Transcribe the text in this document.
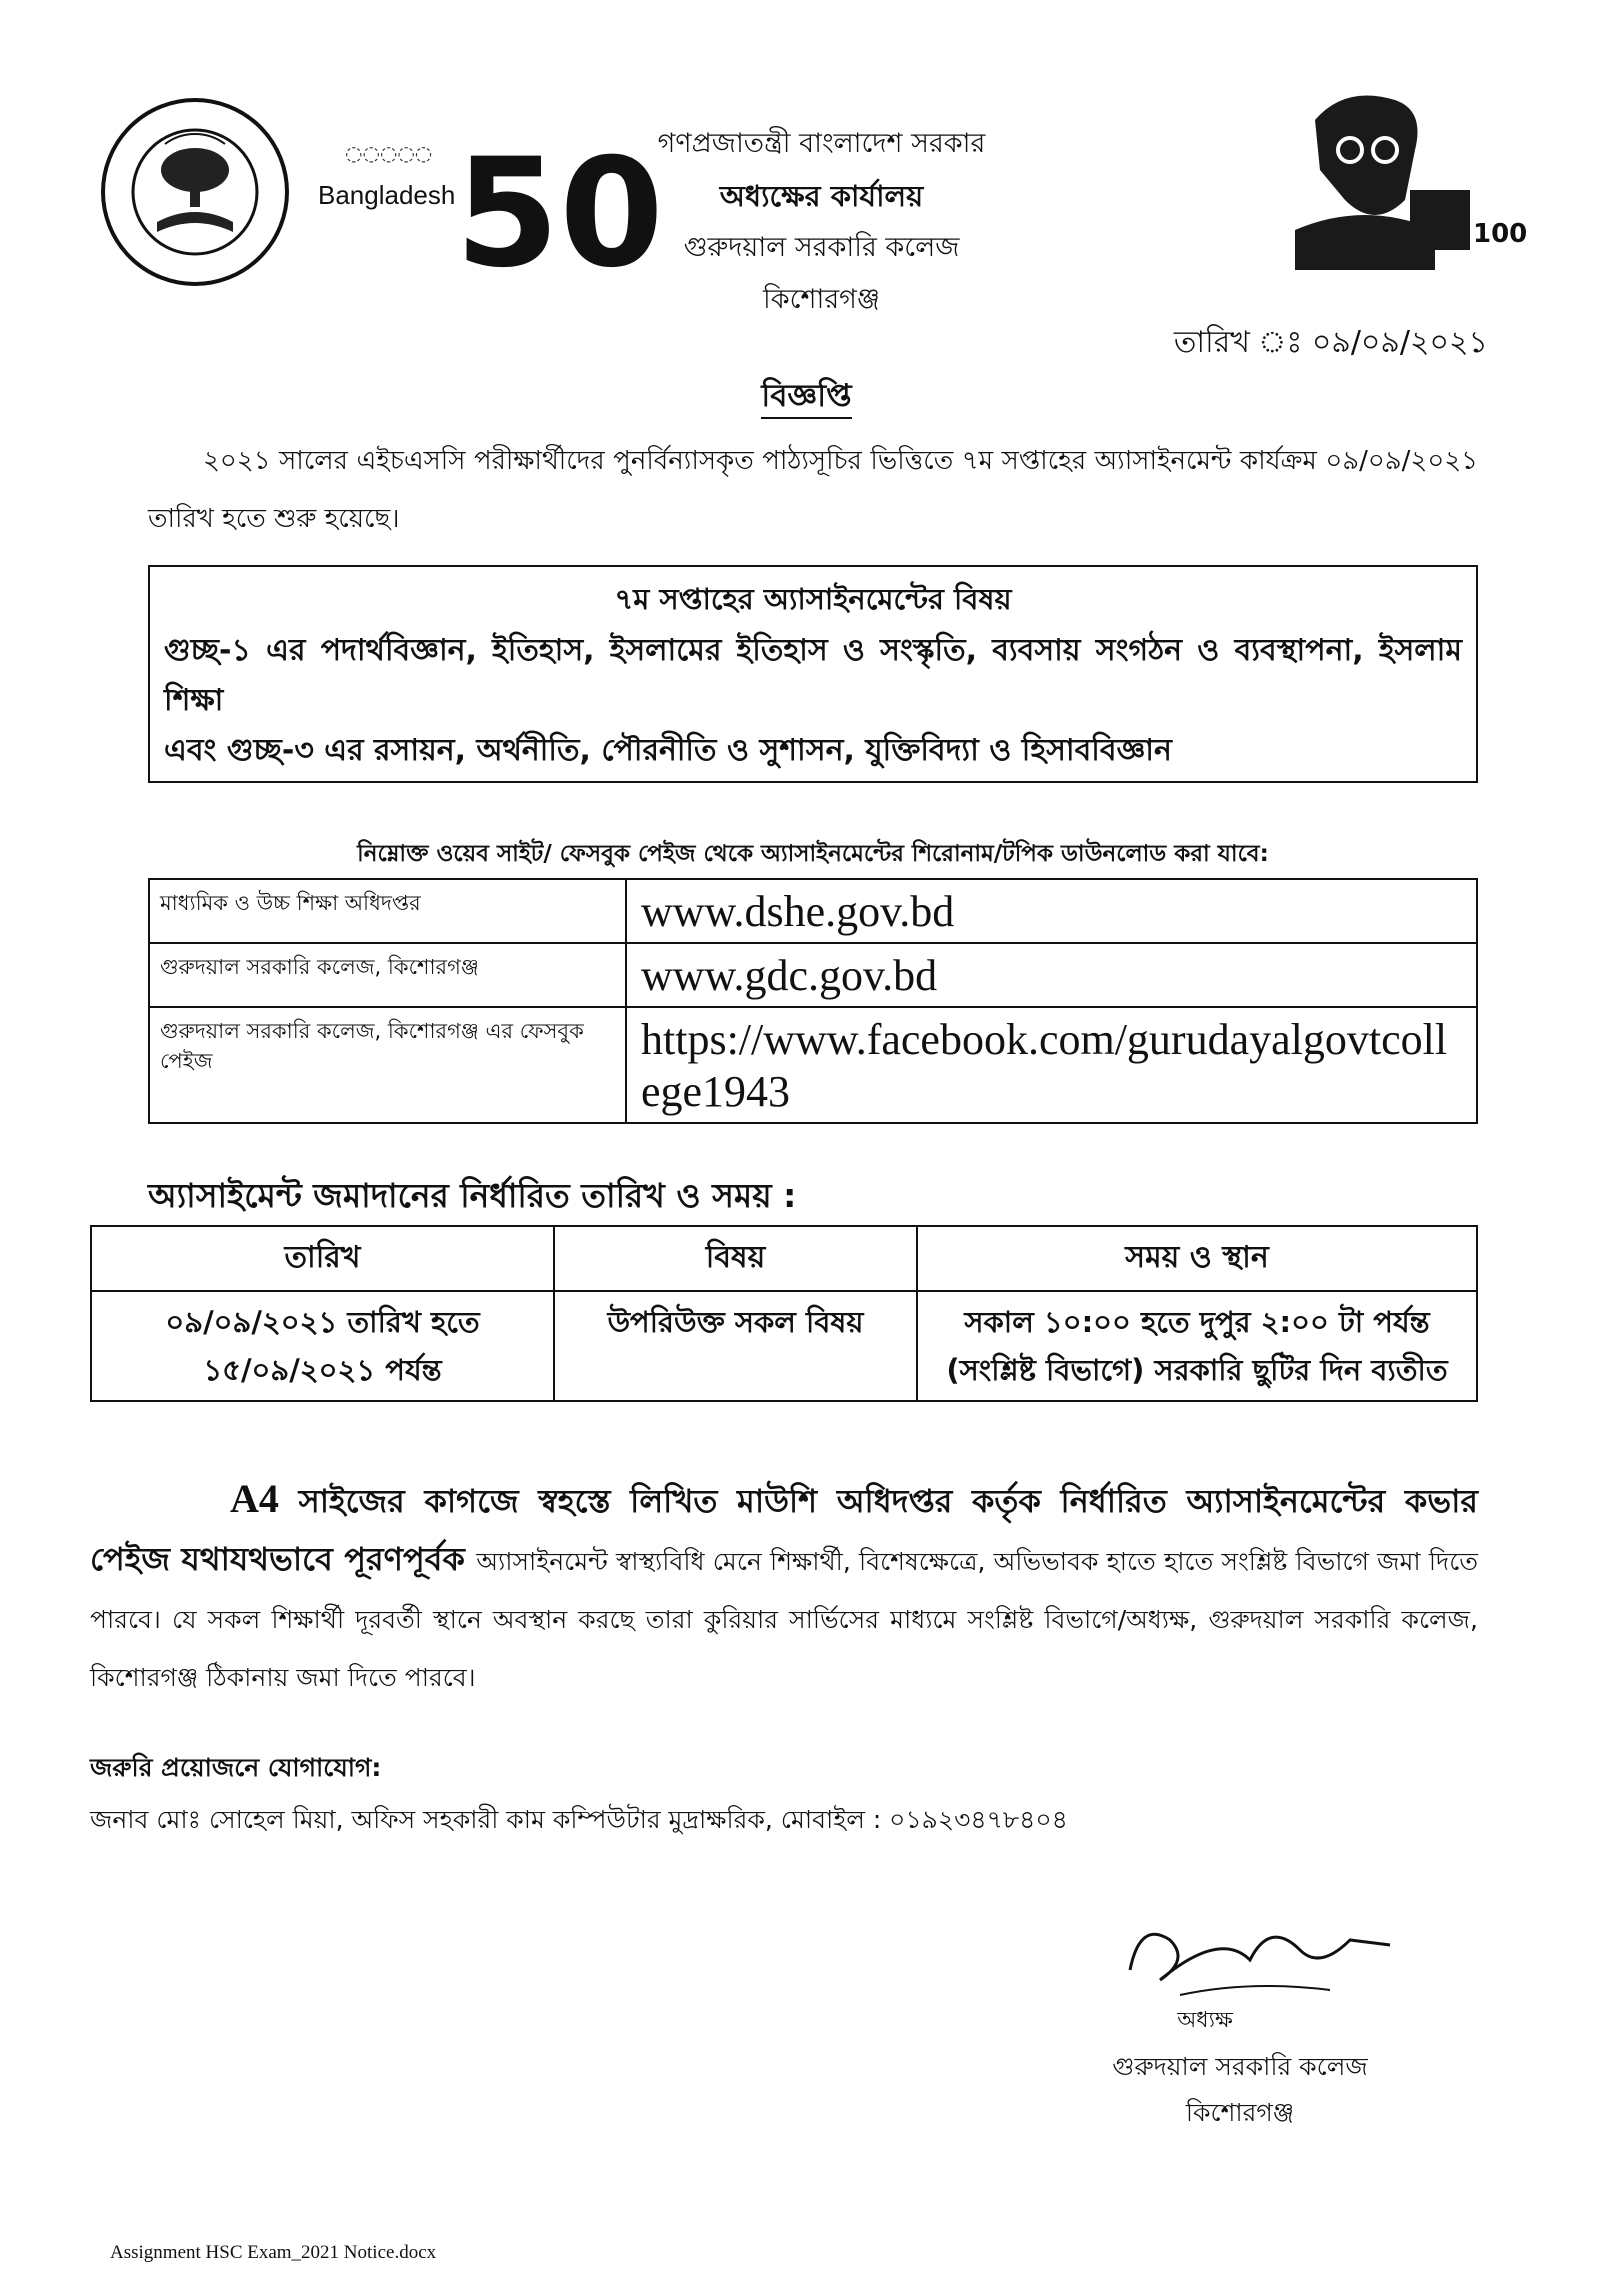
◌◌◌◌◌ 50
Bangladesh
100
গণপ্রজাতন্ত্রী বাংলাদেশ সরকার
অধ্যক্ষের কার্যালয়
গুরুদয়াল সরকারি কলেজ
কিশোরগঞ্জ
তারিখ ঃ ০৯/০৯/২০২১
বিজ্ঞপ্তি
২০২১ সালের এইচএসসি পরীক্ষার্থীদের পুনর্বিন্যাসকৃত পাঠ্যসূচির ভিত্তিতে ৭ম সপ্তাহের অ্যাসাইনমেন্ট কার্যক্রম ০৯/০৯/২০২১ তারিখ হতে শুরু হয়েছে।
৭ম সপ্তাহের অ্যাসাইনমেন্টের বিষয়
গুচ্ছ-১ এর পদার্থবিজ্ঞান, ইতিহাস, ইসলামের ইতিহাস ও সংস্কৃতি, ব্যবসায় সংগঠন ও ব্যবস্থাপনা, ইসলাম শিক্ষা
এবং গুচ্ছ-৩ এর রসায়ন, অর্থনীতি, পৌরনীতি ও সুশাসন, যুক্তিবিদ্যা ও হিসাববিজ্ঞান
নিম্নোক্ত ওয়েব সাইট/ ফেসবুক পেইজ থেকে অ্যাসাইনমেন্টের শিরোনাম/টপিক ডাউনলোড করা যাবে:
মাধ্যমিক ও উচ্চ শিক্ষা অধিদপ্তর	www.dshe.gov.bd
গুরুদয়াল সরকারি কলেজ, কিশোরগঞ্জ	www.gdc.gov.bd
গুরুদয়াল সরকারি কলেজ, কিশোরগঞ্জ এর ফেসবুক পেইজ	https://www.facebook.com/gurudayalgovtcollege1943
অ্যাসাইমেন্ট জমাদানের নির্ধারিত তারিখ ও সময় :
তারিখ	বিষয়	সময় ও স্থান
০৯/০৯/২০২১ তারিখ হতে ১৫/০৯/২০২১ পর্যন্ত	উপরিউক্ত সকল বিষয়	সকাল ১০:০০ হতে দুপুর ২:০০ টা পর্যন্ত (সংশ্লিষ্ট বিভাগে) সরকারি ছুটির দিন ব্যতীত
A4 সাইজের কাগজে স্বহস্তে লিখিত মাউশি অধিদপ্তর কর্তৃক নির্ধারিত অ্যাসাইনমেন্টের কভার পেইজ যথাযথভাবে পূরণপূর্বক অ্যাসাইনমেন্ট স্বাস্থ্যবিধি মেনে শিক্ষার্থী, বিশেষক্ষেত্রে, অভিভাবক হাতে হাতে সংশ্লিষ্ট বিভাগে জমা দিতে পারবে। যে সকল শিক্ষার্থী দূরবর্তী স্থানে অবস্থান করছে তারা কুরিয়ার সার্ভিসের মাধ্যমে সংশ্লিষ্ট বিভাগে/অধ্যক্ষ, গুরুদয়াল সরকারি কলেজ, কিশোরগঞ্জ ঠিকানায় জমা দিতে পারবে।
জরুরি প্রয়োজনে যোগাযোগ:
জনাব মোঃ সোহেল মিয়া, অফিস সহকারী কাম কম্পিউটার মুদ্রাক্ষরিক, মোবাইল : ০১৯২৩৪৭৮৪০৪
অধ্যক্ষ
গুরুদয়াল সরকারি কলেজ
কিশোরগঞ্জ
Assignment HSC Exam_2021 Notice.docx
